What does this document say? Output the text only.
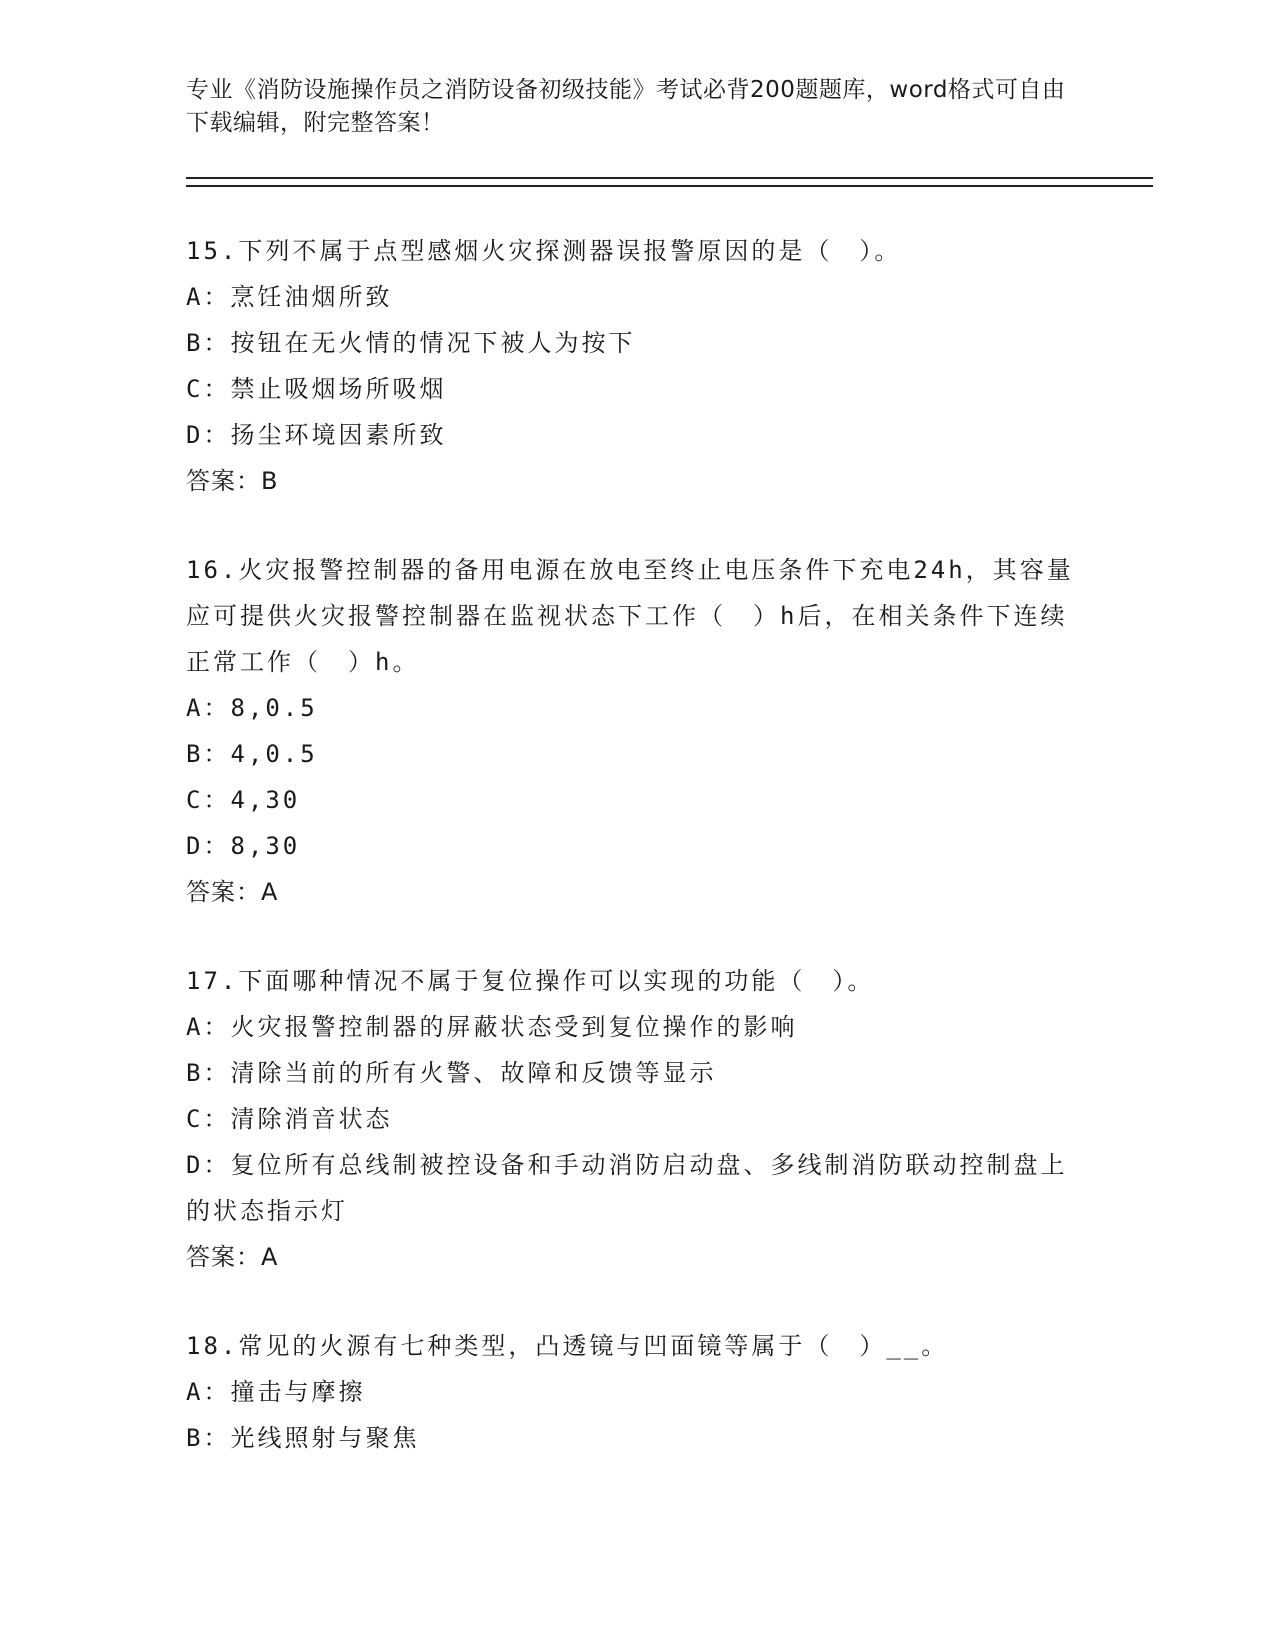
专业《消防设施操作员之消防设备初级技能》考试必背200题题库，word格式可自由下载编辑，附完整答案！
15.下列不属于点型感烟火灾探测器误报警原因的是（　）。
A：烹饪油烟所致
B：按钮在无火情的情况下被人为按下
C：禁止吸烟场所吸烟
D：扬尘环境因素所致
答案：B
16.火灾报警控制器的备用电源在放电至终止电压条件下充电24h，其容量应可提供火灾报警控制器在监视状态下工作（　）h后，在相关条件下连续正常工作（　）h。
A：8,0.5
B：4,0.5
C：4,30
D：8,30
答案：A
17.下面哪种情况不属于复位操作可以实现的功能（　）。
A：火灾报警控制器的屏蔽状态受到复位操作的影响
B：清除当前的所有火警、故障和反馈等显示
C：清除消音状态
D：复位所有总线制被控设备和手动消防启动盘、多线制消防联动控制盘上的状态指示灯
答案：A
18.常见的火源有七种类型，凸透镜与凹面镜等属于（　）__。
A：撞击与摩擦
B：光线照射与聚焦
